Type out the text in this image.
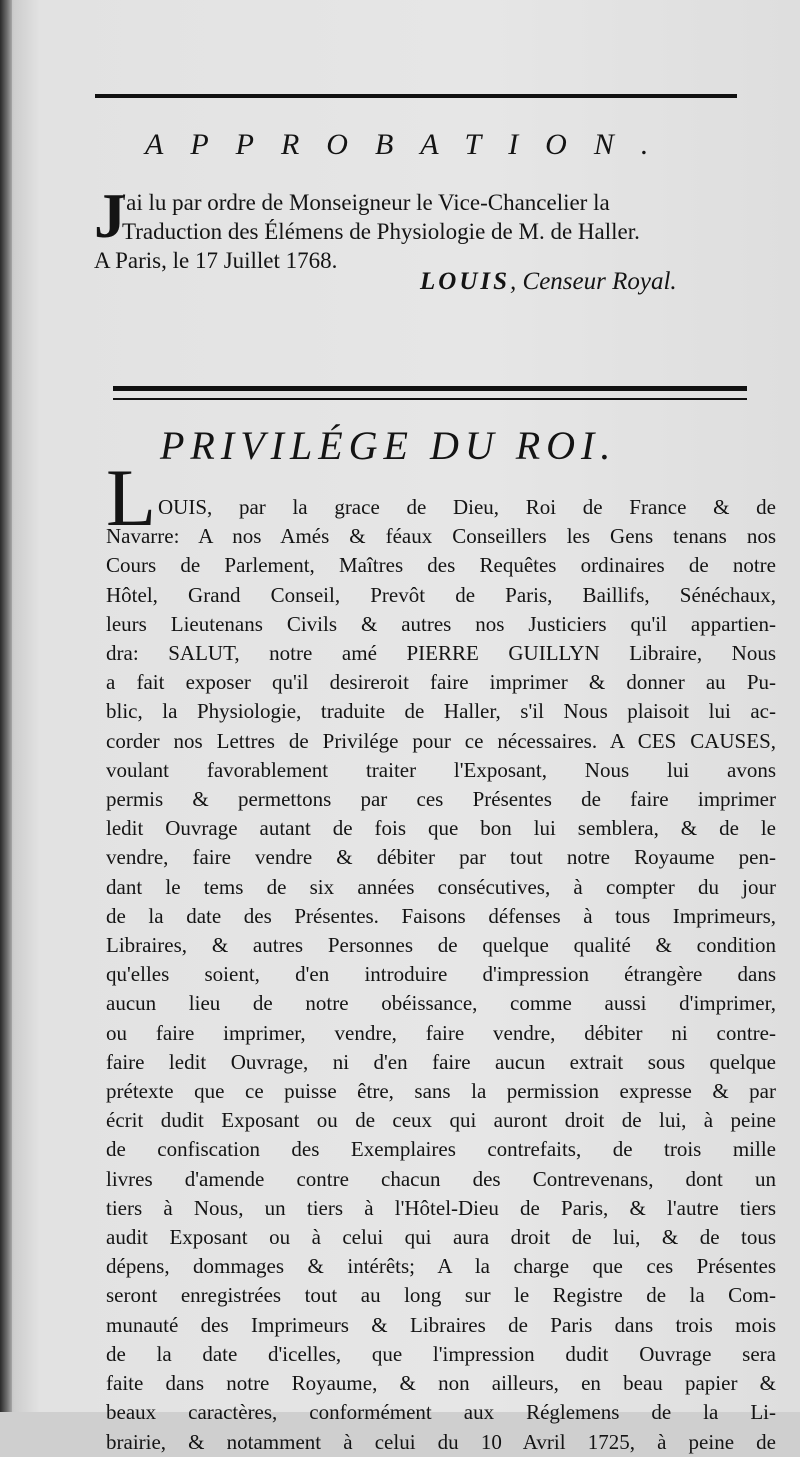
APPROBATION.
J
'ai lu par ordre de Monseigneur le Vice-Chancelier la
Traduction des Élémens de Physiologie de M. de Haller.
A Paris, le 17 Juillet 1768.
LOUIS, Censeur Royal.
PRIVILÉGE DU ROI.
L OUIS, par la grace de Dieu, Roi de France & de
Navarre: A nos Amés & féaux Conseillers les Gens tenans nos
Cours de Parlement, Maîtres des Requêtes ordinaires de notre
Hôtel, Grand Conseil, Prevôt de Paris, Baillifs, Sénéchaux,
leurs Lieutenans Civils & autres nos Justiciers qu'il appartien-
dra: SALUT, notre amé PIERRE GUILLYN Libraire, Nous
a fait exposer qu'il desireroit faire imprimer & donner au Pu-
blic, la Physiologie, traduite de Haller, s'il Nous plaisoit lui ac-
corder nos Lettres de Privilége pour ce nécessaires. A CES CAUSES,
voulant favorablement traiter l'Exposant, Nous lui avons
permis & permettons par ces Présentes de faire imprimer
ledit Ouvrage autant de fois que bon lui semblera, & de le
vendre, faire vendre & débiter par tout notre Royaume pen-
dant le tems de six années consécutives, à compter du jour
de la date des Présentes. Faisons défenses à tous Imprimeurs,
Libraires, & autres Personnes de quelque qualité & condition
qu'elles soient, d'en introduire d'impression étrangère dans
aucun lieu de notre obéissance, comme aussi d'imprimer,
ou faire imprimer, vendre, faire vendre, débiter ni contre-
faire ledit Ouvrage, ni d'en faire aucun extrait sous quelque
prétexte que ce puisse être, sans la permission expresse & par
écrit dudit Exposant ou de ceux qui auront droit de lui, à peine
de confiscation des Exemplaires contrefaits, de trois mille
livres d'amende contre chacun des Contrevenans, dont un
tiers à Nous, un tiers à l'Hôtel-Dieu de Paris, & l'autre tiers
audit Exposant ou à celui qui aura droit de lui, & de tous
dépens, dommages & intérêts; A la charge que ces Présentes
seront enregistrées tout au long sur le Registre de la Com-
munauté des Imprimeurs & Libraires de Paris dans trois mois
de la date d'icelles, que l'impression dudit Ouvrage sera
faite dans notre Royaume, & non ailleurs, en beau papier &
beaux caractères, conformément aux Réglemens de la Li-
brairie, & notamment à celui du 10 Avril 1725, à peine de
